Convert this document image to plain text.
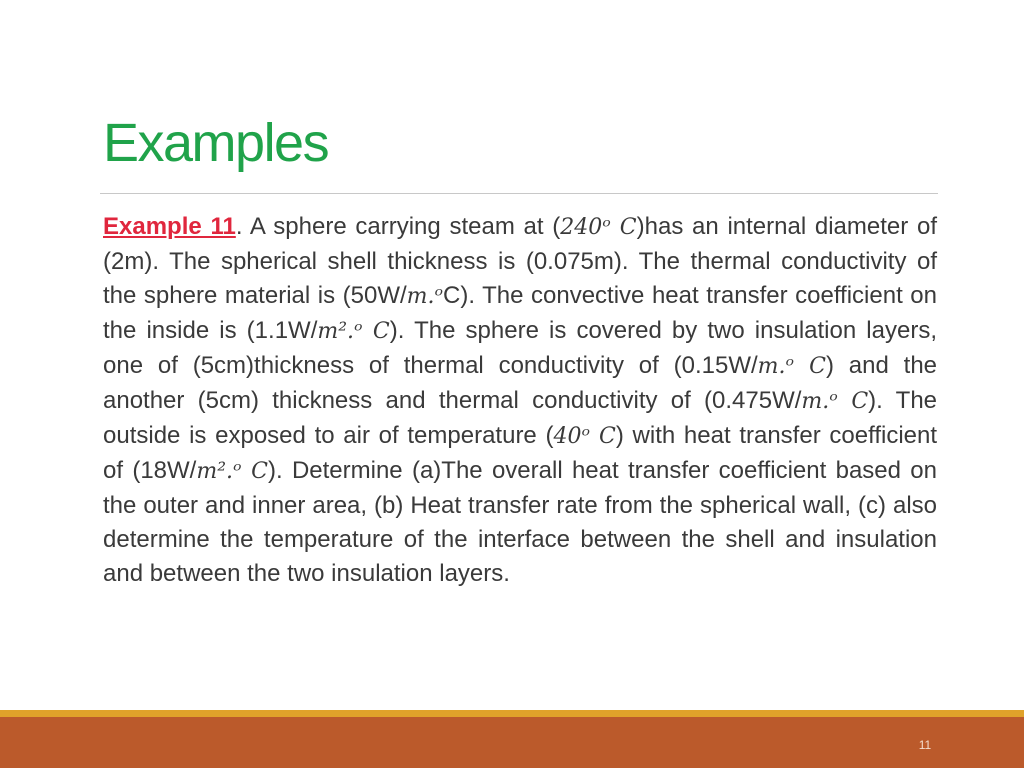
Examples
Example 11. A sphere carrying steam at (240ᵒ C)has an internal diameter of (2m). The spherical shell thickness is (0.075m). The thermal conductivity of the sphere material is (50W/m.ᵒC). The convective heat transfer coefficient on the inside is (1.1W/m².ᵒ C). The sphere is covered by two insulation layers, one of (5cm)thickness of thermal conductivity of (0.15W/m.ᵒ C) and the another (5cm) thickness and thermal conductivity of (0.475W/m.ᵒ C). The outside is exposed to air of temperature (40ᵒ C) with heat transfer coefficient of (18W/m².ᵒ C). Determine (a)The overall heat transfer coefficient based on the outer and inner area, (b) Heat transfer rate from the spherical wall, (c) also determine the temperature of the interface between the shell and insulation and between the two insulation layers.
11
